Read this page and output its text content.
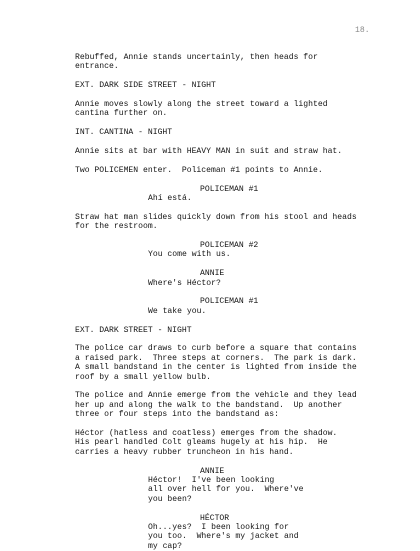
18.
Rebuffed, Annie stands uncertainly, then heads for
entrance.
EXT. DARK SIDE STREET - NIGHT
Annie moves slowly along the street toward a lighted
cantina further on.
INT. CANTINA - NIGHT
Annie sits at bar with HEAVY MAN in suit and straw hat.
Two POLICEMEN enter.  Policeman #1 points to Annie.
POLICEMAN #1
Ahí está.
Straw hat man slides quickly down from his stool and heads
for the restroom.
POLICEMAN #2
You come with us.
ANNIE
Where's Héctor?
POLICEMAN #1
We take you.
EXT. DARK STREET - NIGHT
The police car draws to curb before a square that contains
a raised park.  Three steps at corners.  The park is dark.
A small bandstand in the center is lighted from inside the
roof by a small yellow bulb.
The police and Annie emerge from the vehicle and they lead
her up and along the walk to the bandstand.  Up another
three or four steps into the bandstand as:
Héctor (hatless and coatless) emerges from the shadow.
His pearl handled Colt gleams hugely at his hip.  He
carries a heavy rubber truncheon in his hand.
ANNIE
Héctor!  I've been looking
all over hell for you.  Where've
you been?
HÉCTOR
Oh...yes?  I been looking for
you too.  Where's my jacket and
my cap?
